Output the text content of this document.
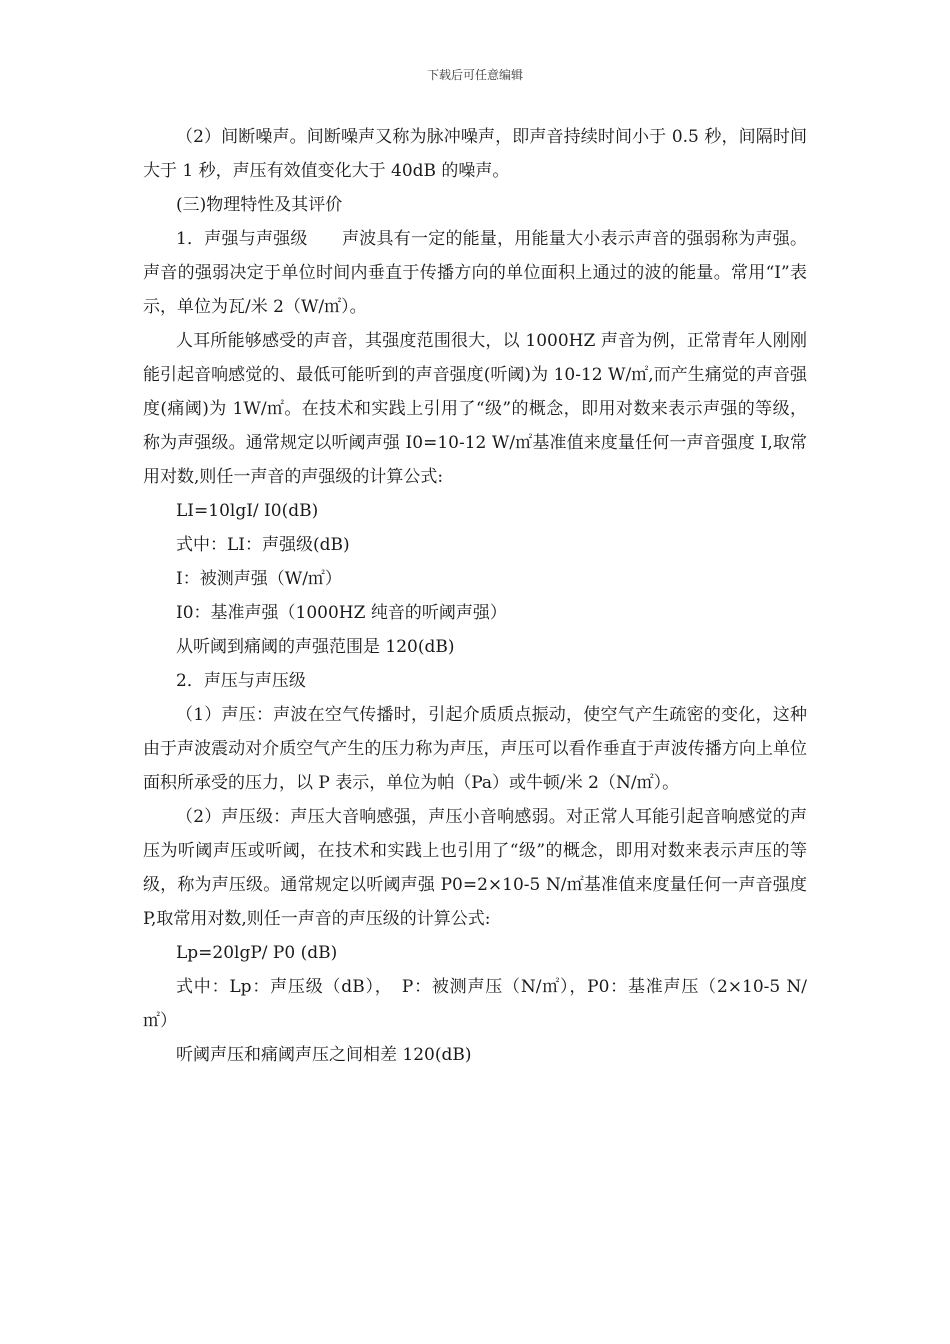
下载后可任意编辑

（2）间断噪声。间断噪声又称为脉冲噪声，即声音持续时间小于 0.5 秒，间隔时间大于 1 秒，声压有效值变化大于 40dB 的噪声。

(三)物理特性及其评价

1．声强与声强级　　声波具有一定的能量，用能量大小表示声音的强弱称为声强。声音的强弱决定于单位时间内垂直于传播方向的单位面积上通过的波的能量。常用“I”表示，单位为瓦/米 2（W/㎡）。

人耳所能够感受的声音，其强度范围很大，以 1000HZ 声音为例，正常青年人刚刚能引起音响感觉的、最低可能听到的声音强度(听阈)为 10-12 W/㎡,而产生痛觉的声音强度(痛阈)为 1W/㎡。在技术和实践上引用了“级”的概念，即用对数来表示声强的等级，称为声强级。通常规定以听阈声强 I0=10-12 W/㎡基准值来度量任何一声音强度 I,取常用对数,则任一声音的声强级的计算公式:

LI=10lgI/ I0(dB)

式中：LI：声强级(dB)

I：被测声强（W/㎡）

I0：基准声强（1000HZ 纯音的听阈声强）

从听阈到痛阈的声强范围是 120(dB)

2．声压与声压级

（1）声压：声波在空气传播时，引起介质质点振动，使空气产生疏密的变化，这种由于声波震动对介质空气产生的压力称为声压，声压可以看作垂直于声波传播方向上单位面积所承受的压力，以 P 表示，单位为帕（Pa）或牛顿/米 2（N/㎡）。

（2）声压级：声压大音响感强，声压小音响感弱。对正常人耳能引起音响感觉的声压为听阈声压或听阈，在技术和实践上也引用了“级”的概念，即用对数来表示声压的等级，称为声压级。通常规定以听阈声强 P0=2×10-5 N/㎡基准值来度量任何一声音强度 P,取常用对数,则任一声音的声压级的计算公式:

Lp=20lgP/ P0 (dB)

式中：Lp：声压级（dB），　P：被测声压（N/㎡），P0：基准声压（2×10-5 N/㎡）

听阈声压和痛阈声压之间相差 120(dB)
